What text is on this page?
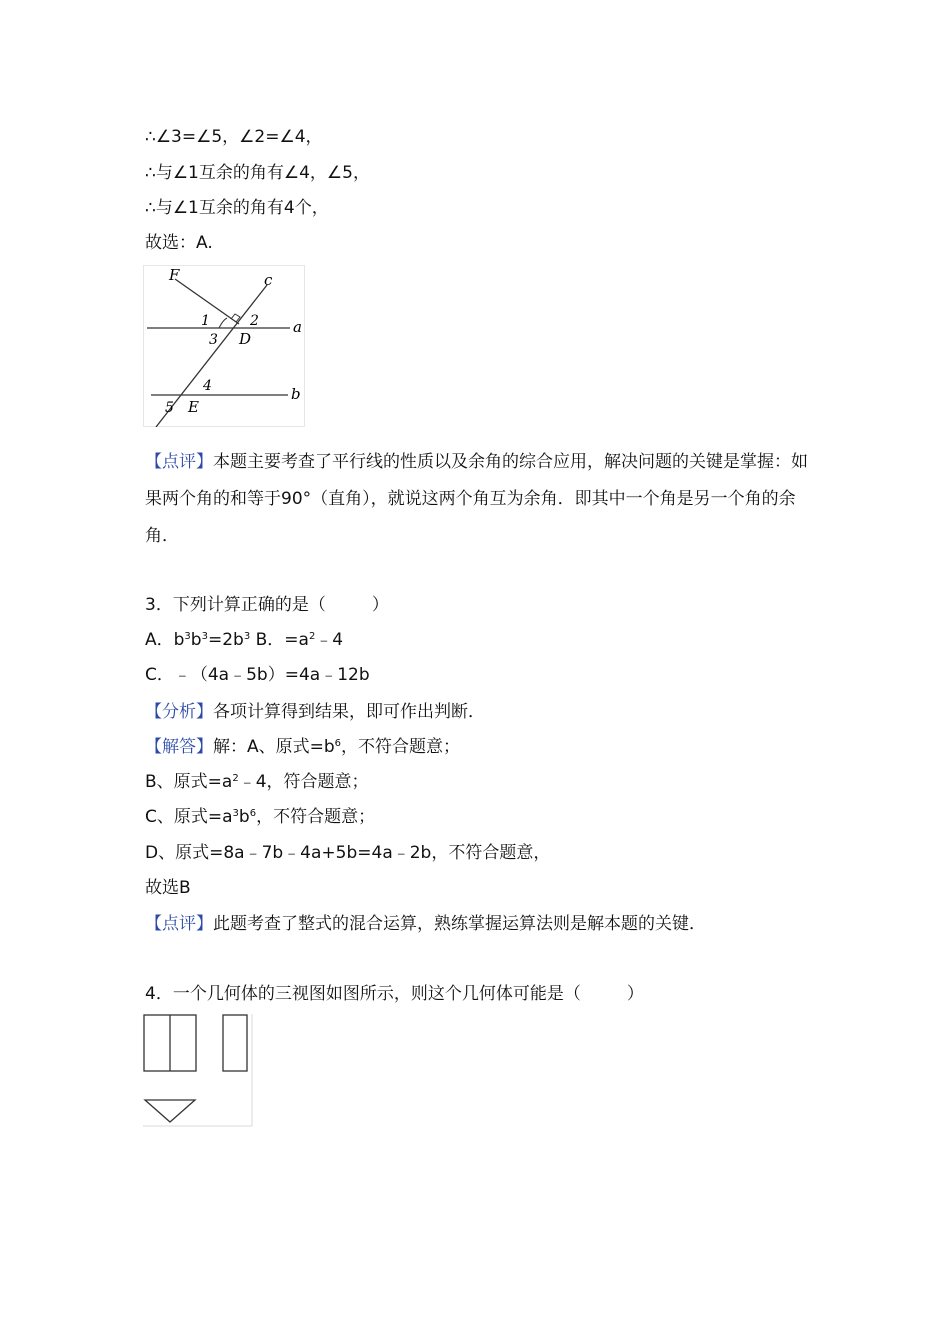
∴∠3=∠5，∠2=∠4，
∴与∠1互余的角有∠4，∠5，
∴与∠1互余的角有4个，
故选：A.
F	c
1	2 a
3 D
4	b
5 E
【点评】本题主要考查了平行线的性质以及余角的综合应用，解决问题的关键是掌握：如果两个角的和等于90°（直角），就说这两个角互为余角．即其中一个角是另一个角的余角．
3．下列计算正确的是（	）
A．$b^3b^3=2b^3$ B．$=a^2﹣4$
C．﹣（4a﹣5b）=4a﹣12b
【分析】各项计算得到结果，即可作出判断．
【解答】解：A、原式$=b^6$，不符合题意；
B、原式$=a^2﹣4$，符合题意；
C、原式$=a^3b^6$，不符合题意；
D、原式=8a﹣7b﹣4a+5b=4a﹣2b，不符合题意，
故选B
【点评】此题考查了整式的混合运算，熟练掌握运算法则是解本题的关键．
4．一个几何体的三视图如图所示，则这个几何体可能是（	）
